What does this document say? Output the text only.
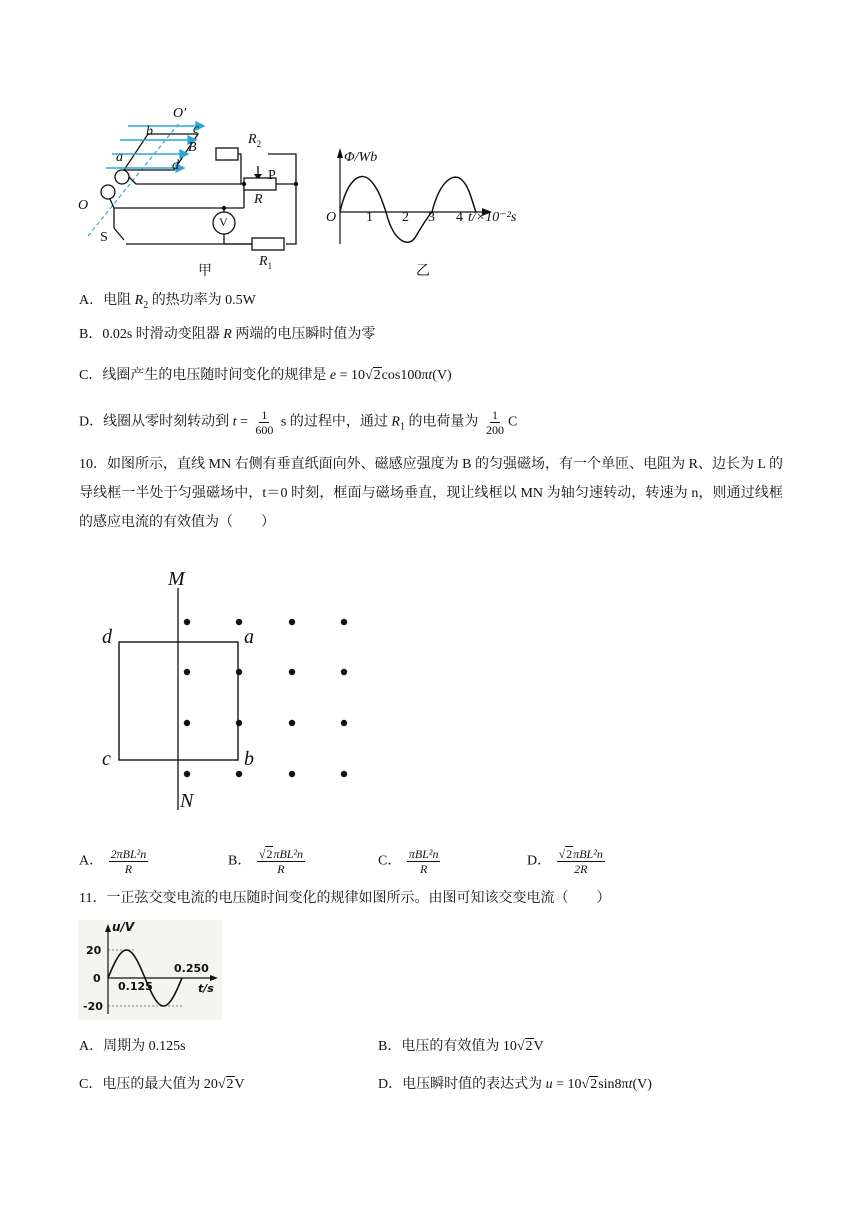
O′
b	c
B
a
d
O
$R_2$
P
R
V
S
$R_1$
甲
Φ/Wb
O 1 2 3 4 t/×10⁻²s
乙
A．电阻 $R_2$ 的热功率为 0.5W
B．0.02s 时滑动变阻器 R 两端的电压瞬时值为零
C．线圈产生的电压随时间变化的规律是 e = 10√2cos100πt(V)
D．线圈从零时刻转动到 $t = \frac{1}{600}$ s 的过程中，通过 $R_1$ 的电荷量为 $\frac{1}{200}$ C
10．如图所示，直线 MN 右侧有垂直纸面向外、磁感应强度为 B 的匀强磁场，有一个单匝、电阻为 R、边长为 L 的导线框一半处于匀强磁场中，t＝0 时刻，框面与磁场垂直，现让线框以 MN 为轴匀速转动，转速为 n，则通过线框的感应电流的有效值为（　　）
M
N
d	a
c	b
A． $\frac{\text{2πBL²n}}{R}$	B． $\frac{\text{√2πBL²n}}{R}$	C． $\frac{\text{πBL²n}}{R}$	D． $\frac{\text{√2πBL²n}}{2R}$
11．一正弦交变电流的电压随时间变化的规律如图所示。由图可知该交变电流（　　）
u/V
20
0
-20
0.125
0.250
t/s
A．周期为 0.125s	B．电压的有效值为 10√2V
C．电压的最大值为 20√2V	D．电压瞬时值的表达式为 u = 10√2sin8πt(V)
